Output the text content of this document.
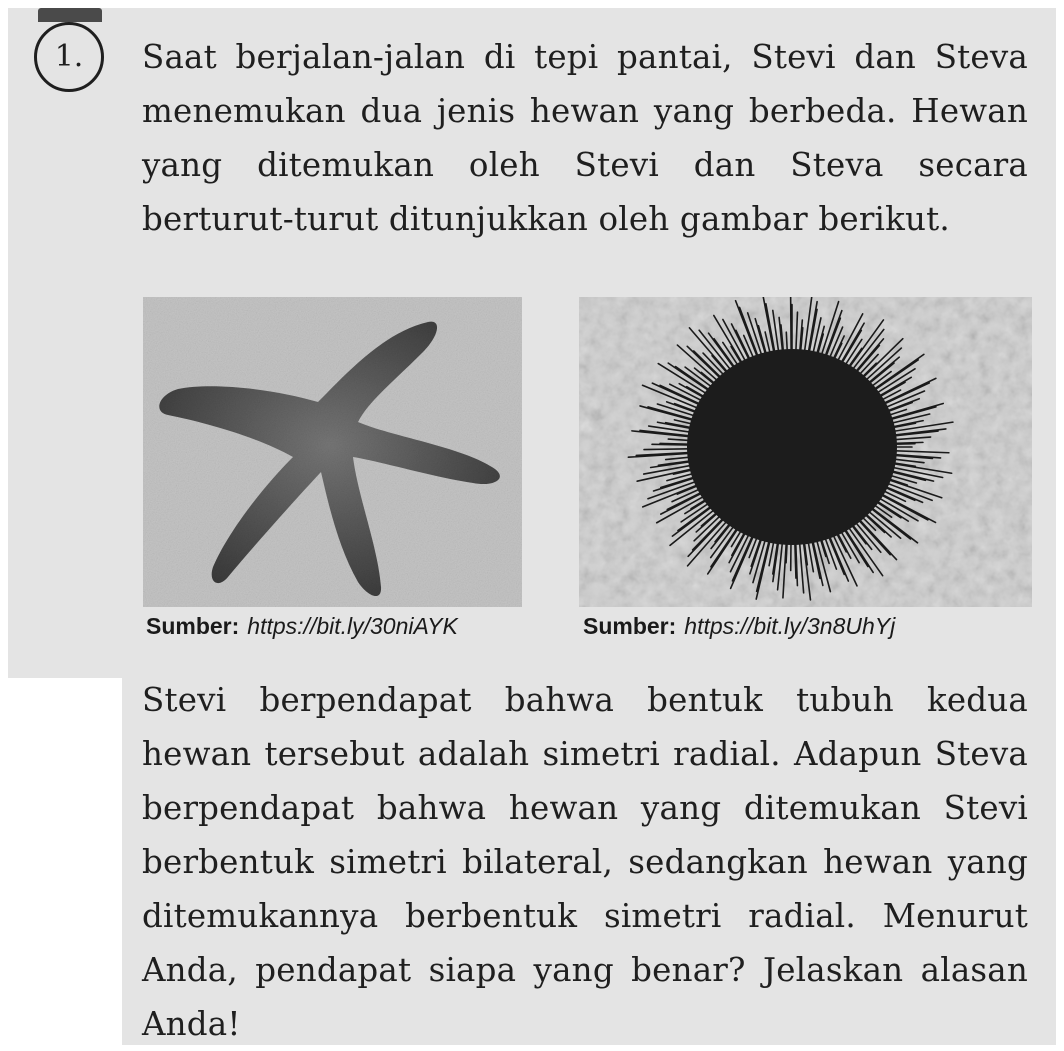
1.	Saat berjalan-jalan di tepi pantai, Stevi dan Steva menemukan dua jenis hewan yang berbeda. Hewan yang ditemukan oleh Stevi dan Steva secara berturut-turut ditunjukkan oleh gambar berikut.

Sumber: https://bit.ly/30niAYK	Sumber: https://bit.ly/3n8UhYj

Stevi berpendapat bahwa bentuk tubuh kedua hewan tersebut adalah simetri radial. Adapun Steva berpendapat bahwa hewan yang ditemukan Stevi berbentuk simetri bilateral, sedangkan hewan yang ditemukannya berbentuk simetri radial. Menurut Anda, pendapat siapa yang benar? Jelaskan alasan Anda!
